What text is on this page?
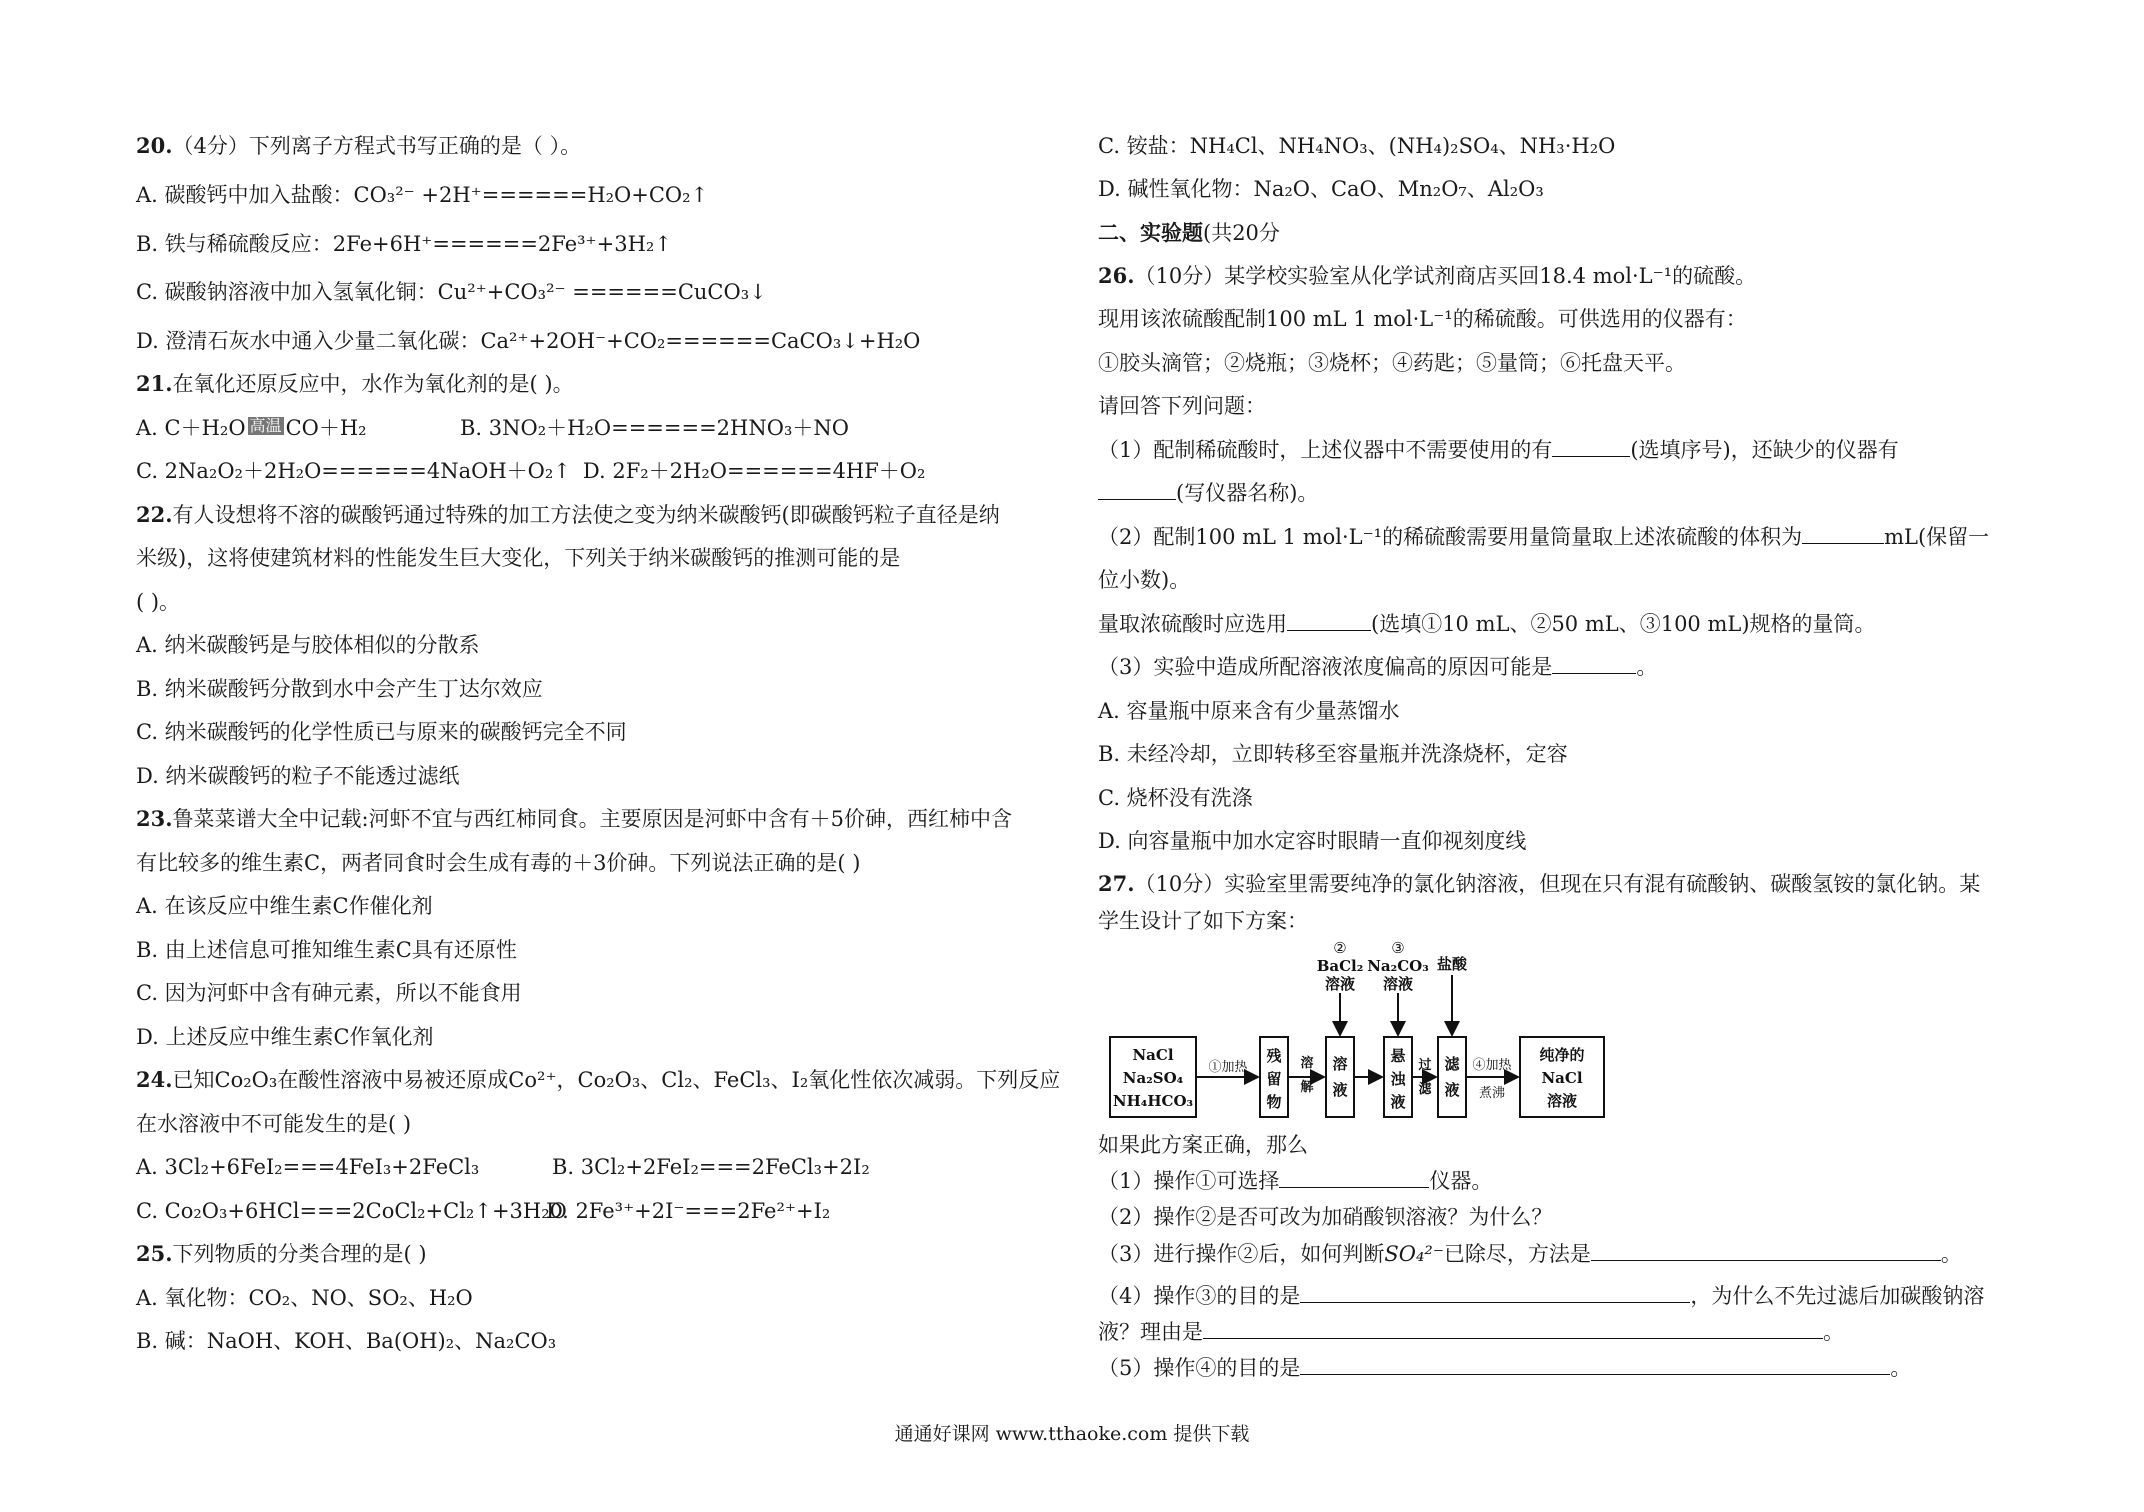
20.（4分）下列离子方程式书写正确的是（ ）。
A. 碳酸钙中加入盐酸：CO₃²⁻ +2H⁺======H₂O+CO₂↑
B. 铁与稀硫酸反应：2Fe+6H⁺======2Fe³⁺+3H₂↑
C. 碳酸钠溶液中加入氢氧化铜：Cu²⁺+CO₃²⁻ ======CuCO₃↓
D. 澄清石灰水中通入少量二氧化碳：Ca²⁺+2OH⁻+CO₂======CaCO₃↓+H₂O
21.在氧化还原反应中，水作为氧化剂的是( )。
A. C＋H₂O 高温 CO＋H₂	B. 3NO₂＋H₂O======2HNO₃＋NO
C. 2Na₂O₂＋2H₂O======4NaOH＋O₂↑ D. 2F₂＋2H₂O======4HF＋O₂
22.有人设想将不溶的碳酸钙通过特殊的加工方法使之变为纳米碳酸钙(即碳酸钙粒子直径是纳
米级)，这将使建筑材料的性能发生巨大变化，下列关于纳米碳酸钙的推测可能的是
( )。
A. 纳米碳酸钙是与胶体相似的分散系
B. 纳米碳酸钙分散到水中会产生丁达尔效应
C. 纳米碳酸钙的化学性质已与原来的碳酸钙完全不同
D. 纳米碳酸钙的粒子不能透过滤纸
23.鲁菜菜谱大全中记载:河虾不宜与西红柿同食。主要原因是河虾中含有＋5价砷，西红柿中含
有比较多的维生素C，两者同食时会生成有毒的＋3价砷。下列说法正确的是( )
A. 在该反应中维生素C作催化剂
B. 由上述信息可推知维生素C具有还原性
C. 因为河虾中含有砷元素，所以不能食用
D. 上述反应中维生素C作氧化剂
24.已知Co₂O₃在酸性溶液中易被还原成Co²⁺，Co₂O₃、Cl₂、FeCl₃、I₂氧化性依次减弱。下列反应
在水溶液中不可能发生的是( )
A. 3Cl₂+6FeI₂===4FeI₃+2FeCl₃	B. 3Cl₂+2FeI₂===2FeCl₃+2I₂
C. Co₂O₃+6HCl===2CoCl₂+Cl₂↑+3H₂O
D. 2Fe³⁺+2I⁻===2Fe²⁺+I₂
25.下列物质的分类合理的是( )
A. 氧化物：CO₂、NO、SO₂、H₂O
B. 碱：NaOH、KOH、Ba(OH)₂、Na₂CO₃
C. 铵盐：NH₄Cl、NH₄NO₃、(NH₄)₂SO₄、NH₃·H₂O
D. 碱性氧化物：Na₂O、CaO、Mn₂O₇、Al₂O₃
二、实验题(共20分
26.（10分）某学校实验室从化学试剂商店买回18.4 mol·L⁻¹的硫酸。
现用该浓硫酸配制100 mL 1 mol·L⁻¹的稀硫酸。可供选用的仪器有：
①胶头滴管；②烧瓶；③烧杯；④药匙；⑤量筒；⑥托盘天平。
请回答下列问题：
（1）配制稀硫酸时，上述仪器中不需要使用的有	(选填序号)，还缺少的仪器有
(写仪器名称)。
（2）配制100 mL 1 mol·L⁻¹的稀硫酸需要用量筒量取上述浓硫酸的体积为	mL(保留一
位小数)。
量取浓硫酸时应选用	(选填①10 mL、②50 mL、③100 mL)规格的量筒。
（3）实验中造成所配溶液浓度偏高的原因可能是	。
A. 容量瓶中原来含有少量蒸馏水
B. 未经冷却，立即转移至容量瓶并洗涤烧杯，定容
C. 烧杯没有洗涤
D. 向容量瓶中加水定容时眼睛一直仰视刻度线
27.（10分）实验室里需要纯净的氯化钠溶液，但现在只有混有硫酸钠、碳酸氢铵的氯化钠。某
学生设计了如下方案：
如果此方案正确，那么
（1）操作①可选择	仪器。
（2）操作②是否可改为加硝酸钡溶液？为什么？
（3）进行操作②后，如何判断SO₄²⁻已除尽，方法是	。
（4）操作③的目的是	，为什么不先过滤后加碳酸钠溶
液？理由是	。
（5）操作④的目的是	。
NaCl
Na₂SO₄
NH₄HCO₃
①加热
残
留
物
溶
解
溶
液
②
BaCl₂
溶液
③
Na₂CO₃
溶液
盐酸
悬
浊
液
过
滤
滤
液
④加热
煮沸
纯净的
NaCl
溶液
通通好课网 www.tthaoke.com 提供下载
